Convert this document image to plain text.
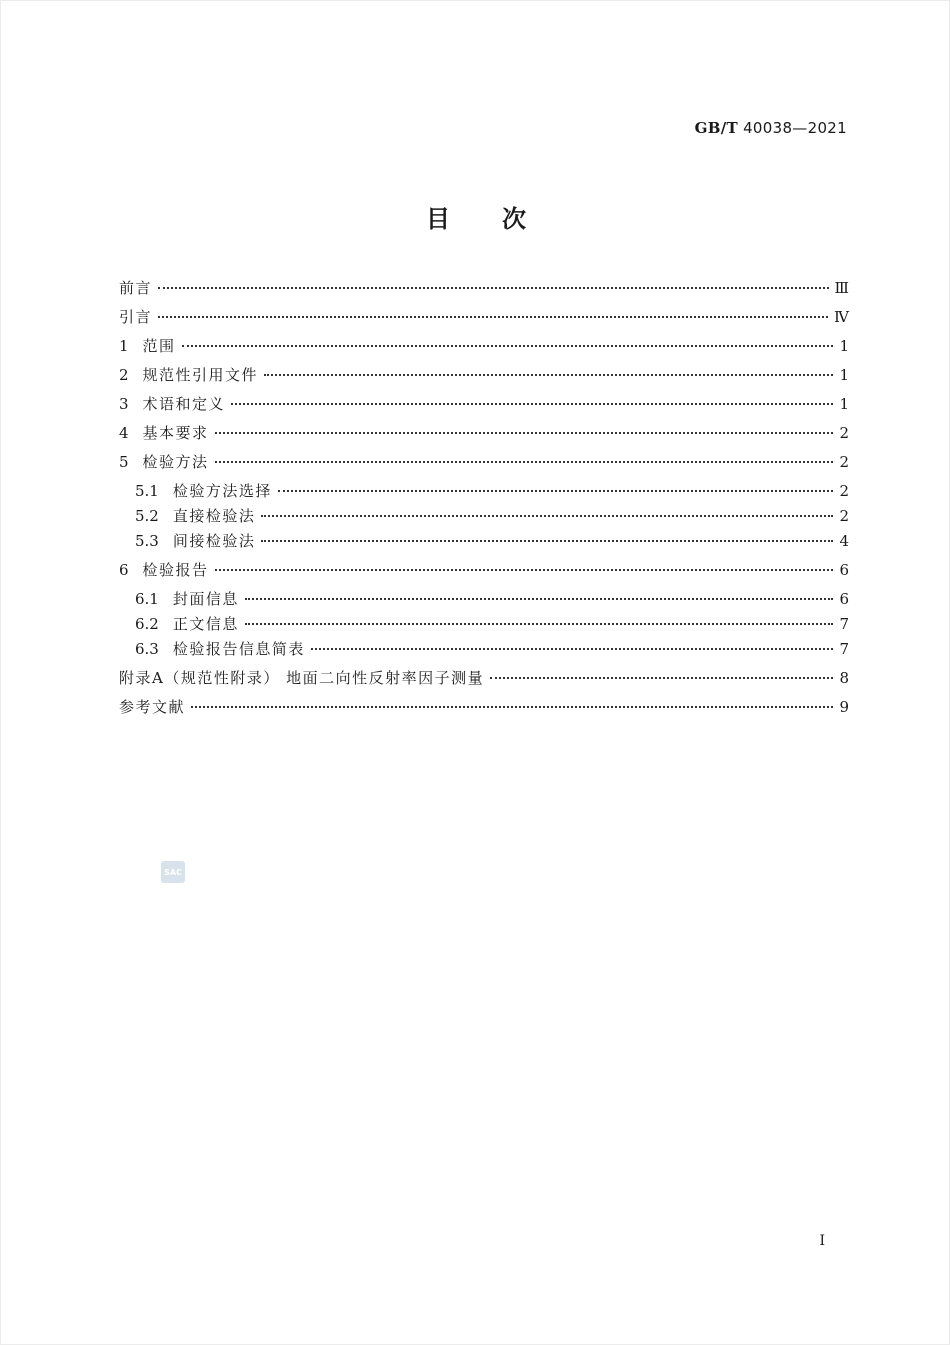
GB/T 40038—2021
目次
前言	Ⅲ
引言	Ⅳ
1 范围	1
2 规范性引用文件	1
3 术语和定义	1
4 基本要求	2
5 检验方法	2
5.1 检验方法选择	2
5.2 直接检验法	2
5.3 间接检验法	4
6 检验报告	6
6.1 封面信息	6
6.2 正文信息	7
6.3 检验报告信息简表	7
附录A（规范性附录） 地面二向性反射率因子测量	8
参考文献	9
SAC
Ⅰ
